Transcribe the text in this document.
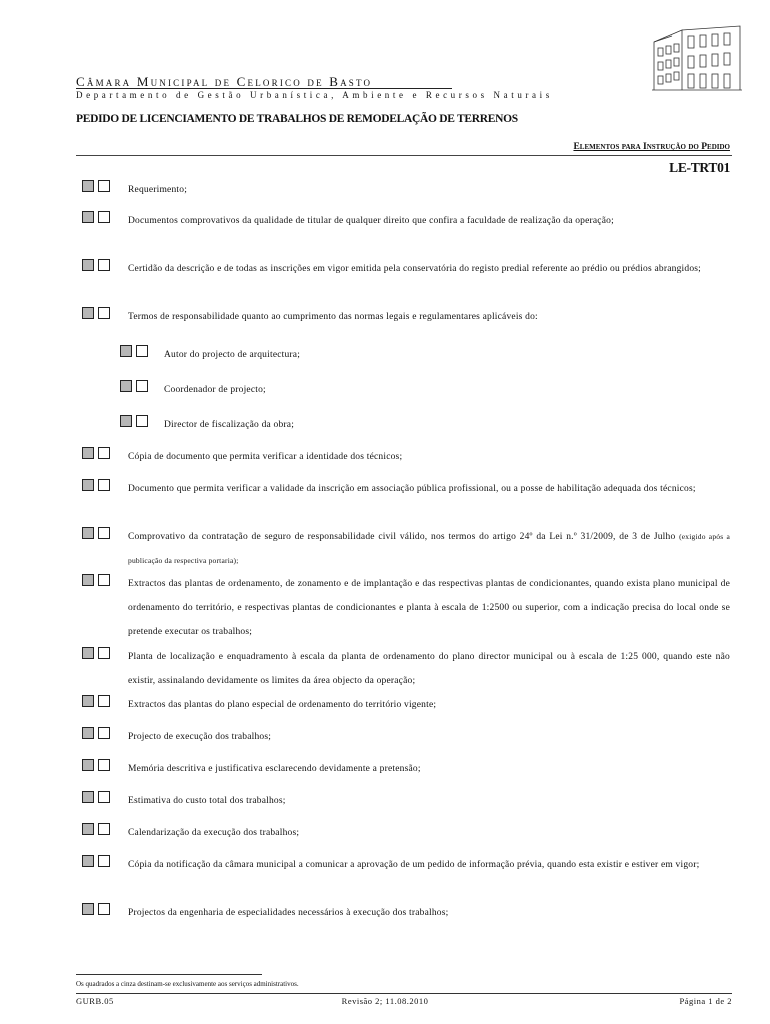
Câmara Municipal de Celorico de Basto
Departamento de Gestão Urbanística, Ambiente e Recursos Naturais
PEDIDO DE LICENCIAMENTO DE TRABALHOS DE REMODELAÇÃO DE TERRENOS
Elementos para Instrução do Pedido
LE-TRT01
Requerimento;
Documentos comprovativos da qualidade de titular de qualquer direito que confira a faculdade de realização da operação;
Certidão da descrição e de todas as inscrições em vigor emitida pela conservatória do registo predial referente ao prédio ou prédios abrangidos;
Termos de responsabilidade quanto ao cumprimento das normas legais e regulamentares aplicáveis do:
Autor do projecto de arquitectura;
Coordenador de projecto;
Director de fiscalização da obra;
Cópia de documento que permita verificar a identidade dos técnicos;
Documento que permita verificar a validade da inscrição em associação pública profissional, ou a posse de habilitação adequada dos técnicos;
Comprovativo da contratação de seguro de responsabilidade civil válido, nos termos do artigo 24º da Lei n.º 31/2009, de 3 de Julho (exigido após a publicação da respectiva portaria);
Extractos das plantas de ordenamento, de zonamento e de implantação e das respectivas plantas de condicionantes, quando exista plano municipal de ordenamento do território, e respectivas plantas de condicionantes e planta à escala de 1:2500 ou superior, com a indicação precisa do local onde se pretende executar os trabalhos;
Planta de localização e enquadramento à escala da planta de ordenamento do plano director municipal ou à escala de 1:25 000, quando este não existir, assinalando devidamente os limites da área objecto da operação;
Extractos das plantas do plano especial de ordenamento do território vigente;
Projecto de execução dos trabalhos;
Memória descritiva e justificativa esclarecendo devidamente a pretensão;
Estimativa do custo total dos trabalhos;
Calendarização da execução dos trabalhos;
Cópia da notificação da câmara municipal a comunicar a aprovação de um pedido de informação prévia, quando esta existir e estiver em vigor;
Projectos da engenharia de especialidades necessários à execução dos trabalhos;
Os quadrados a cinza destinam-se exclusivamente aos serviços administrativos.
GURB.05	Revisão 2; 11.08.2010	Página 1 de 2
